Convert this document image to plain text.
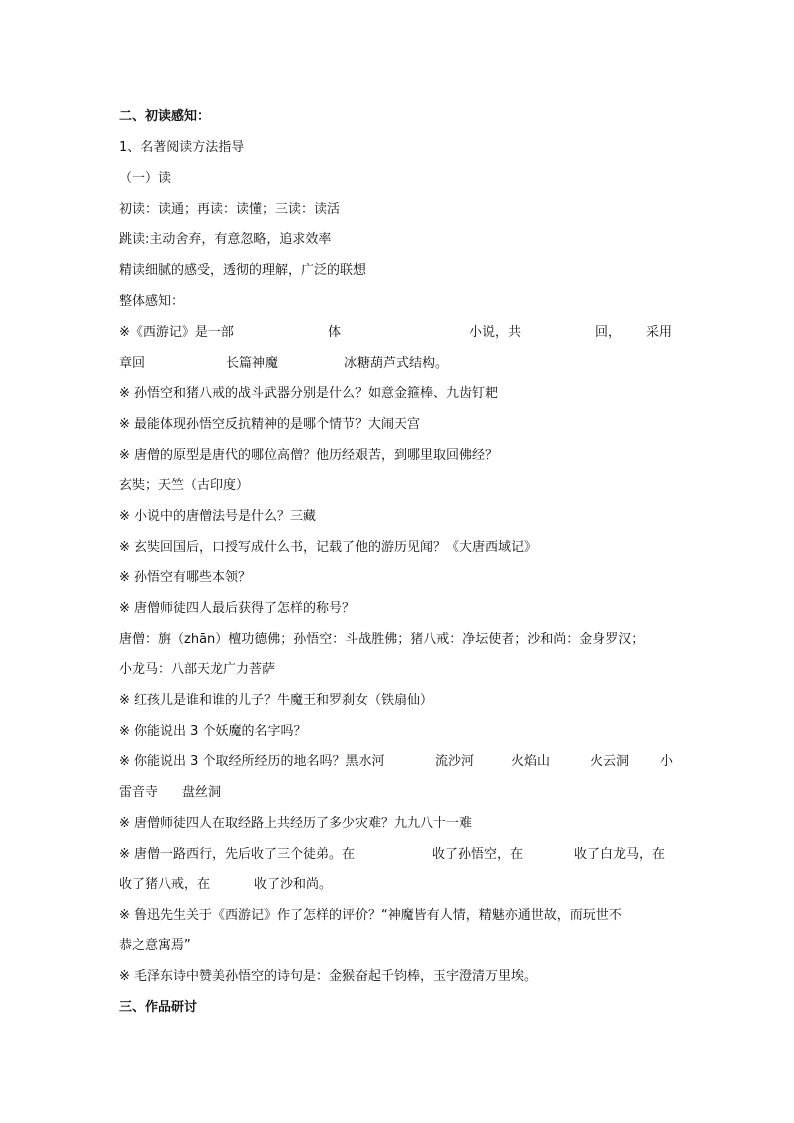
二、初读感知：
1、名著阅读方法指导
（一）读
初读：读通；再读：读懂；三读：读活
跳读:主动舍弃，有意忽略，追求效率
精读细腻的感受，透彻的理解，广泛的联想
整体感知：
※《西游记》是一部	体	小说，共	回， 采用
章回	长篇神魔	冰糖葫芦式结构。
※ 孙悟空和猪八戒的战斗武器分别是什么？如意金箍棒、九齿钉耙
※ 最能体现孙悟空反抗精神的是哪个情节？大闹天宫
※ 唐僧的原型是唐代的哪位高僧？他历经艰苦，到哪里取回佛经？
玄奘；天竺（古印度）
※ 小说中的唐僧法号是什么？三藏
※ 玄奘回国后，口授写成什么书，记载了他的游历见闻？《大唐西域记》
※ 孙悟空有哪些本领？
※ 唐僧师徒四人最后获得了怎样的称号？
唐僧：旃（zhān）檀功德佛；孙悟空：斗战胜佛；猪八戒：净坛使者；沙和尚：金身罗汉；
小龙马：八部天龙广力菩萨
※ 红孩儿是谁和谁的儿子？牛魔王和罗刹女（铁扇仙）
※ 你能说出 3 个妖魔的名字吗？
※ 你能说出 3 个取经所经历的地名吗？黑水河	流沙河	火焰山	火云洞 小
雷音寺 盘丝洞
※ 唐僧师徒四人在取经路上共经历了多少灾难？九九八十一难
※ 唐僧一路西行，先后收了三个徒弟。在	收了孙悟空，在	收了白龙马，在
收了猪八戒，在	收了沙和尚。
※ 鲁迅先生关于《西游记》作了怎样的评价？“神魔皆有人情，精魅亦通世故，而玩世不
恭之意寓焉”
※ 毛泽东诗中赞美孙悟空的诗句是：金猴奋起千钧棒，玉宇澄清万里埃。
三、作品研讨
